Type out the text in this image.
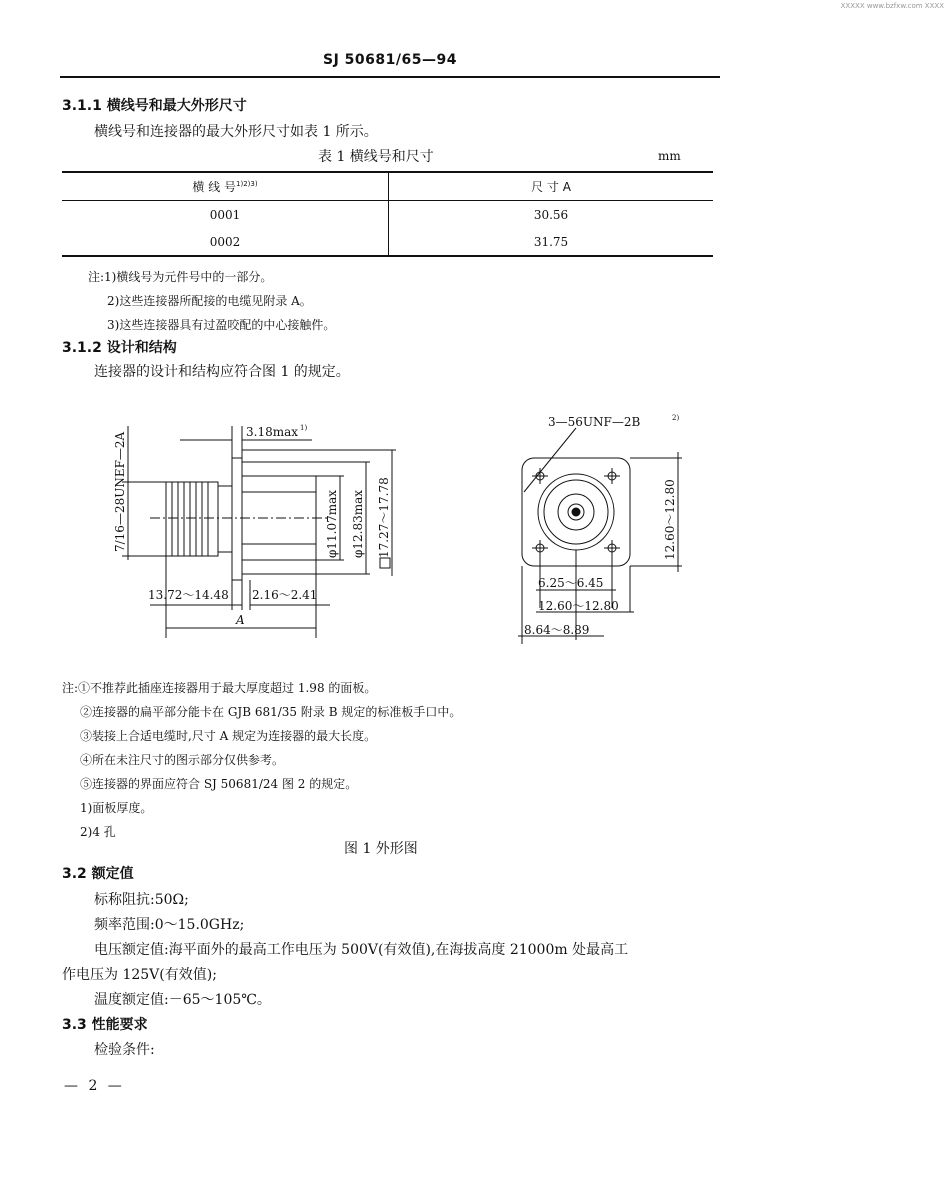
XXXXX www.bzfxw.com XXXX
SJ 50681/65—94
3.1.1 横线号和最大外形尺寸
横线号和连接器的最大外形尺寸如表 1 所示。
表 1 横线号和尺寸	mm
横 线 号$^{1)2)3)}$	尺 寸 A
0001	30.56
0002	31.75
注:1)横线号为元件号中的一部分。
2)这些连接器所配接的电缆见附录 A。
3)这些连接器具有过盈咬配的中心接触件。
3.1.2 设计和结构
连接器的设计和结构应符合图 1 的规定。
7/16—28UNEF—2A	3.18max 1)
φ11.07max φ12.83max 17.27～17.78
13.72～14.48 2.16～2.41
A
3—56UNF—2B	2)
12.60～12.80
6.25～6.45
12.60～12.80
8.64～8.89
注:①不推荐此插座连接器用于最大厚度超过 1.98 的面板。
②连接器的扁平部分能卡在 GJB 681/35 附录 B 规定的标准板手口中。
③装接上合适电缆时,尺寸 A 规定为连接器的最大长度。
④所在未注尺寸的图示部分仅供参考。
⑤连接器的界面应符合 SJ 50681/24 图 2 的规定。
1)面板厚度。
2)4 孔
图 1 外形图
3.2 额定值
标称阻抗:50Ω;
频率范围:0～15.0GHz;
电压额定值:海平面外的最高工作电压为 500V(有效值),在海拔高度 21000m 处最高工
作电压为 125V(有效值);
温度额定值:－65～105℃。
3.3 性能要求
检验条件:
— 2 —
